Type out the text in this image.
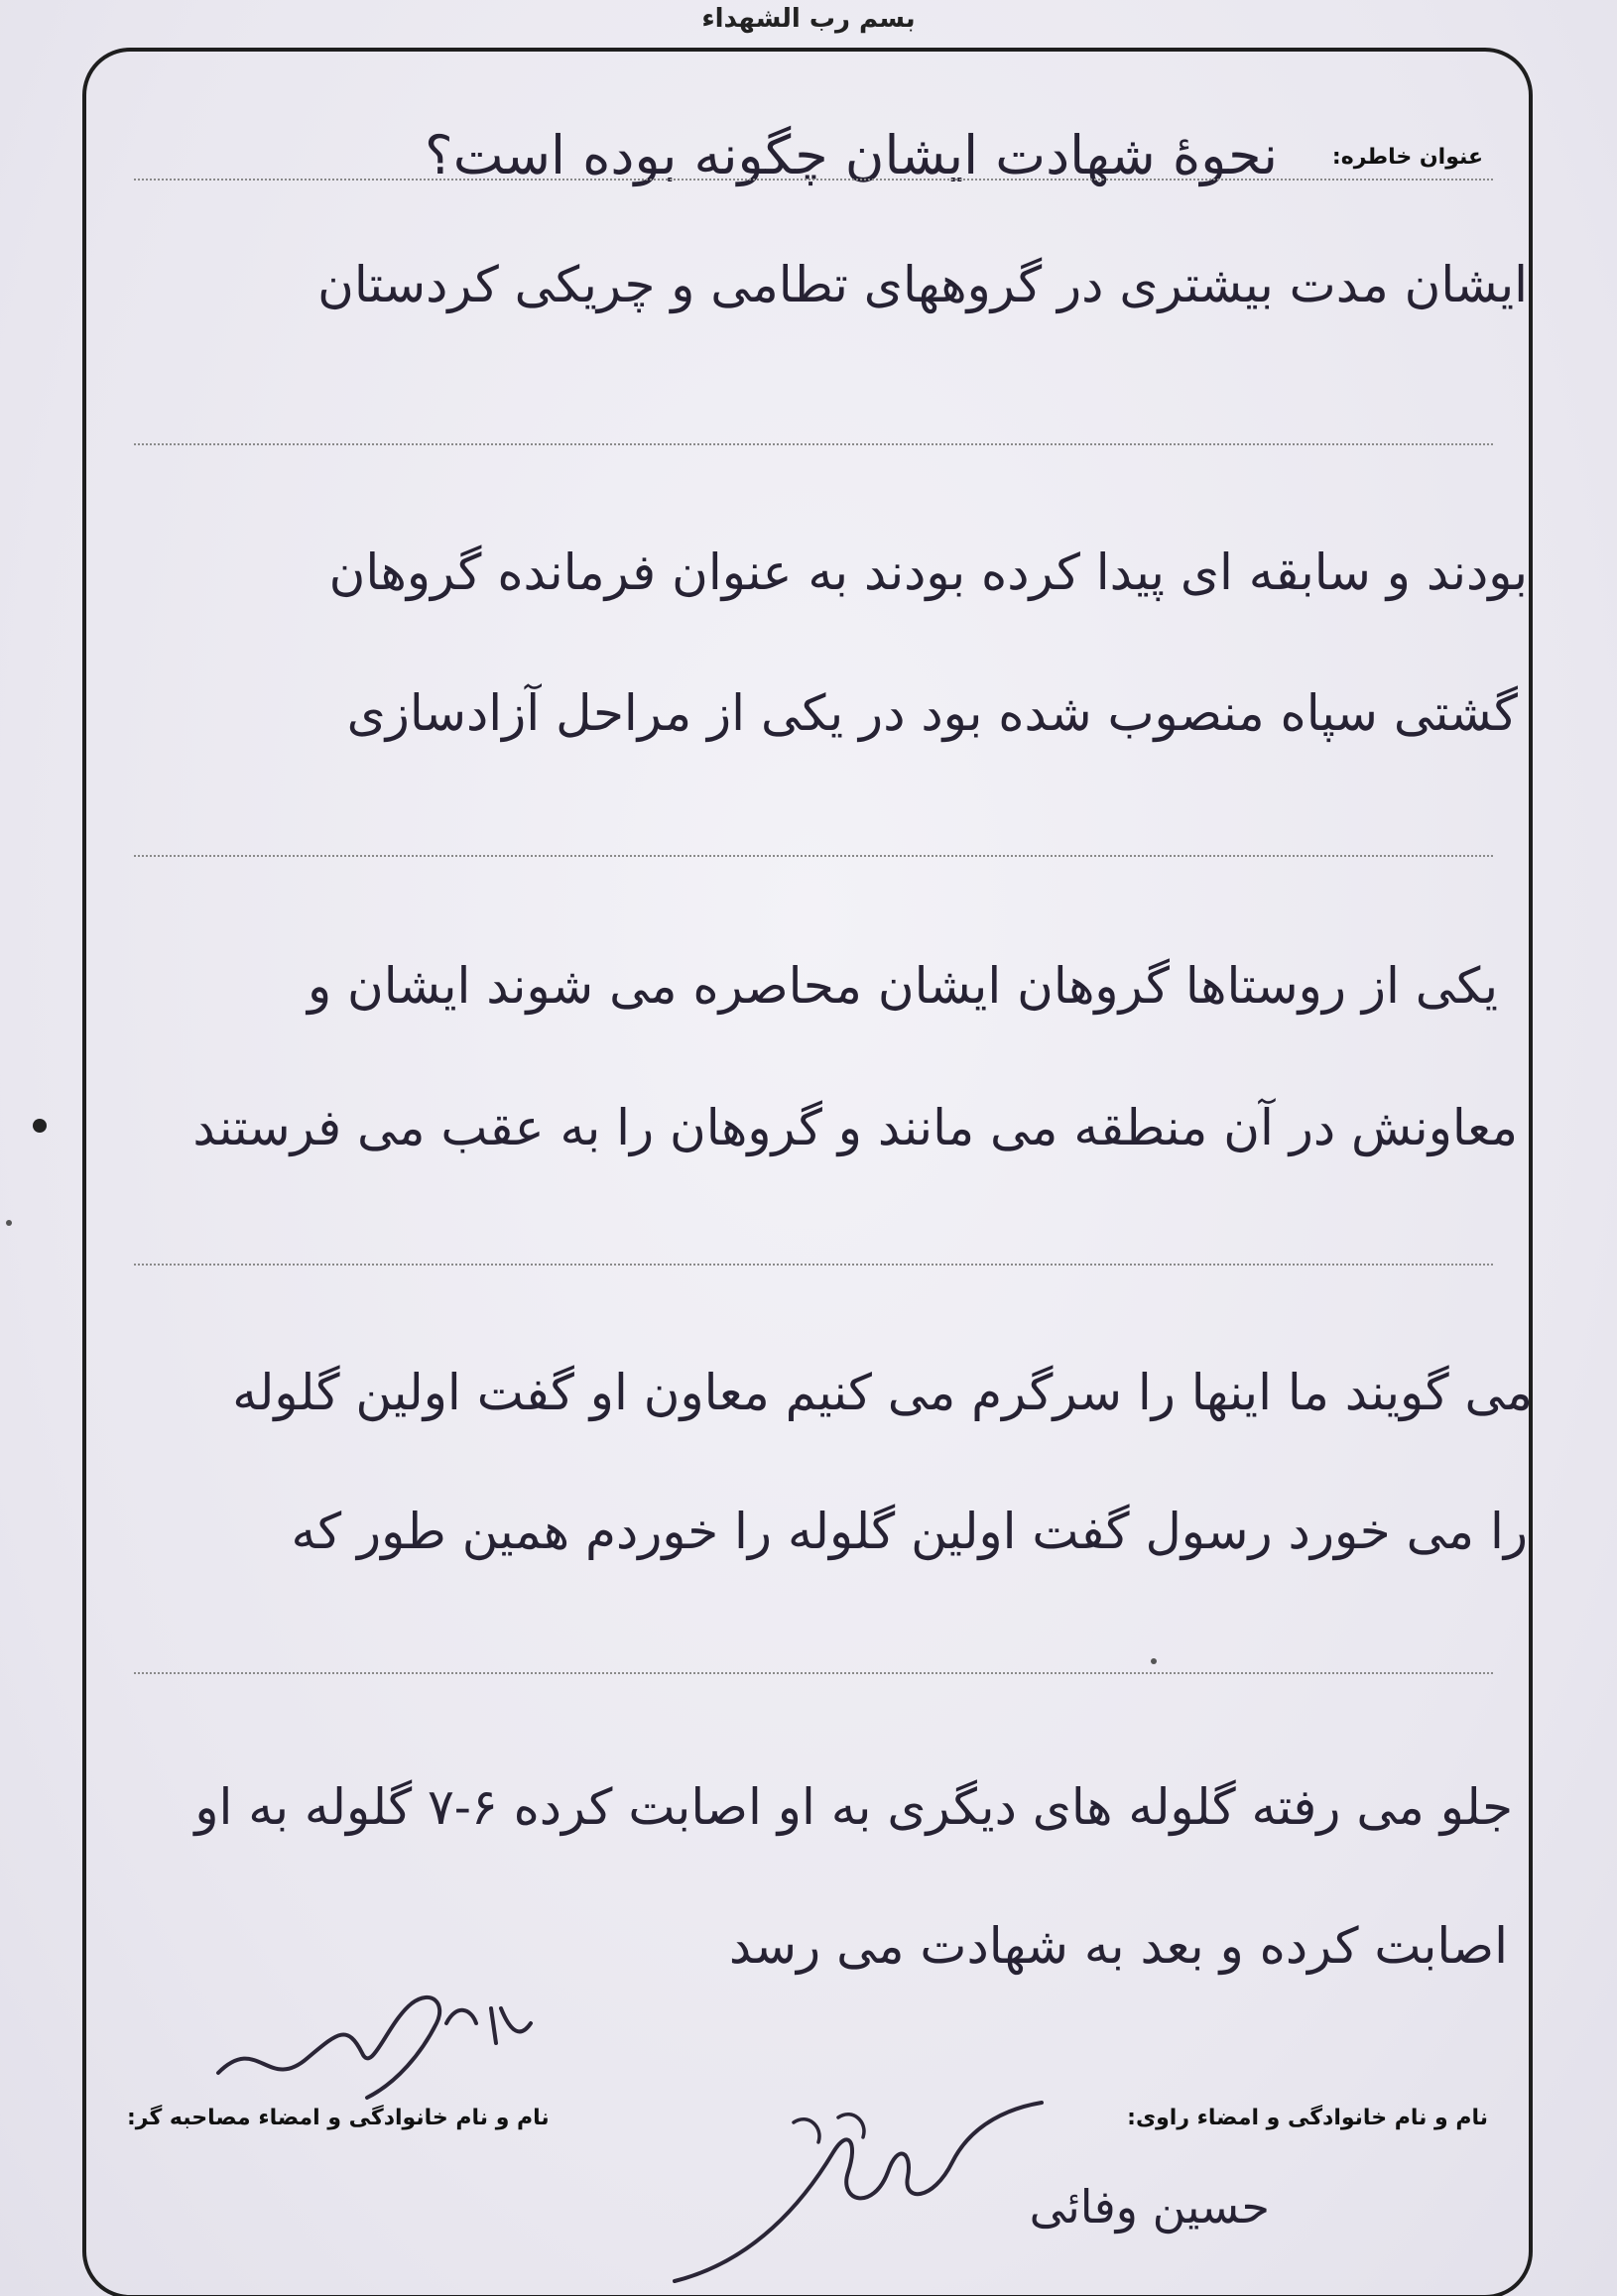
بسم رب الشهداء
عنوان خاطره:
نحوهٔ شهادت ایشان چگونه بوده است؟
ایشان مدت بیشتری در گروههای تطامی و چریکی کردستان
بودند و سابقه ای پیدا کرده بودند به عنوان فرمانده گروهان
گشتی سپاه منصوب شده بود در یکی از مراحل آزادسازی
یکی از روستاها گروهان ایشان محاصره می شوند ایشان و
معاونش در آن منطقه می مانند و گروهان را به عقب می فرستند
می گویند ما اینها را سرگرم می کنیم معاون او گفت اولین گلوله
را می خورد رسول گفت اولین گلوله را خوردم همین طور که
جلو می رفته گلوله های دیگری به او اصابت کرده ۶-۷ گلوله به او
اصابت کرده و بعد به شهادت می رسد
نام و نام خانوادگی و امضاء راوی:
حسین وفائی
نام و نام خانوادگی و امضاء مصاحبه گر:
